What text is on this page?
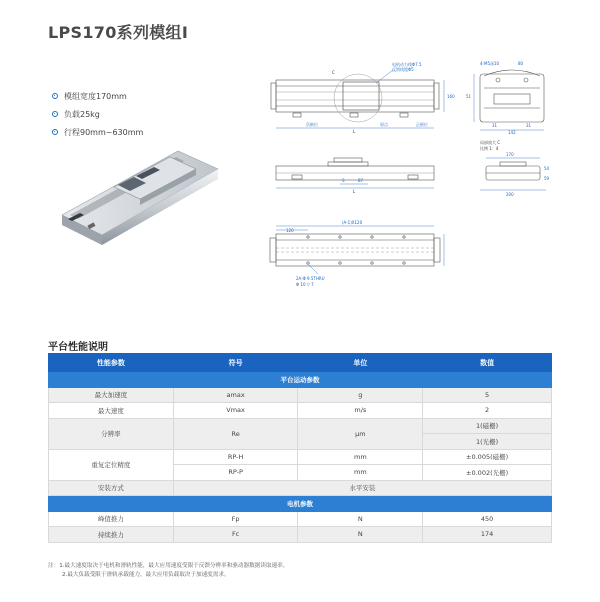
LPS170系列模组Ⅰ
模组宽度170mm
负载25kg
行程90mm~630mm
C
电机动力线Φ7.5
反馈线缆Φ5
负极位	原点	正极位
L
160
4-M5深10	80
31	31
142
51
局部放大 C
比例 1：4
S	87
L
170
54
59
200
(A-1)X120
120
2A-Φ 9.5THRU
Φ 10 ▽ 7
平台性能说明
性能参数	符号	单位	数值
平台运动参数			
最大加速度	amax	g	5
最大速度	Vmax	m/s	2
分辨率	Re	μm	1(磁栅)
			1(光栅)
重复定位精度	RP-H	mm	±0.005(磁栅)
	RP-P	mm	±0.002(光栅)
安装方式	水平安装		
电机参数			
峰值推力	Fp	N	450
持续推力	Fc	N	174
注：1.最大速度取决于电机和滑轨性能，最大应用速度受限于反馈分辨率和驱动器数据读取速率。
2.最大负载受限于滑轨承载能力，最大应用负载取决于加速度需求。
